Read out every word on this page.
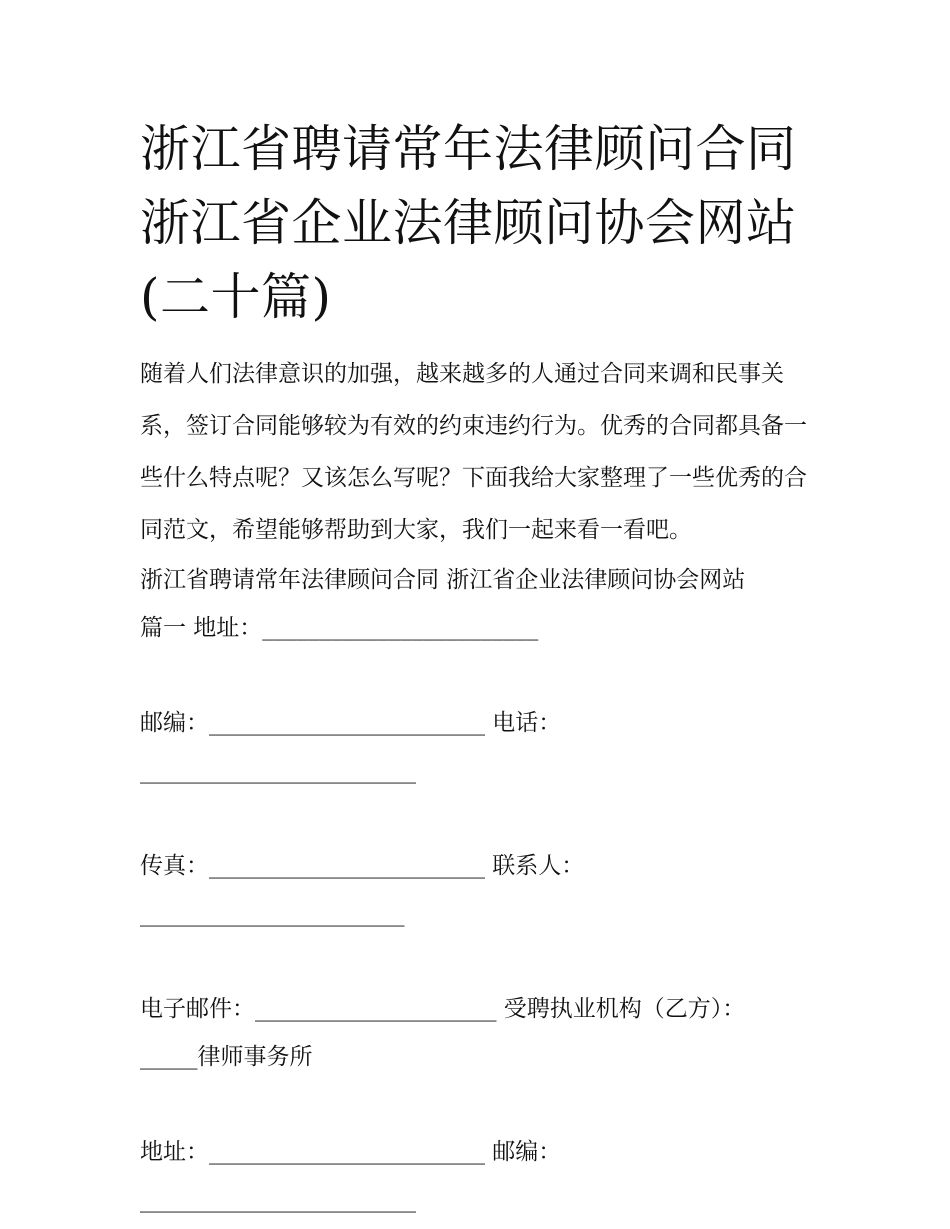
浙江省聘请常年法律顾问合同
浙江省企业法律顾问协会网站
(二十篇)

随着人们法律意识的加强，越来越多的人通过合同来调和民事关系，签订合同能够较为有效的约束违约行为。优秀的合同都具备一些什么特点呢？又该怎么写呢？下面我给大家整理了一些优秀的合同范文，希望能够帮助到大家，我们一起来看一看吧。

浙江省聘请常年法律顾问合同 浙江省企业法律顾问协会网站
篇一 地址：________________________
邮编：________________________ 电话：
________________________
传真：________________________ 联系人：
_______________________
电子邮件：_____________________ 受聘执业机构（乙方）：
_____律师事务所
地址：________________________ 邮编：
________________________
